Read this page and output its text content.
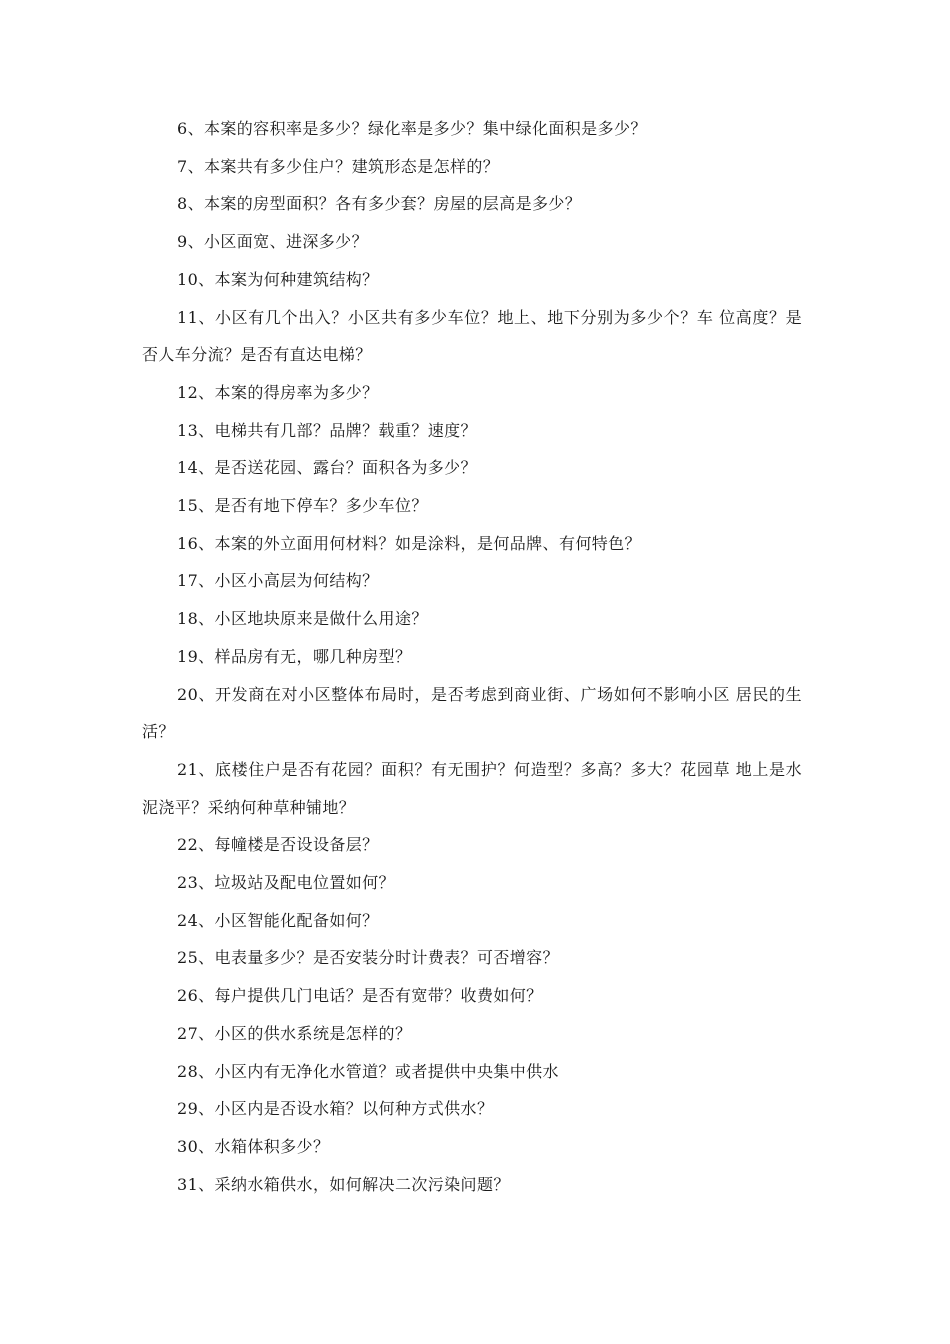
6、本案的容积率是多少？绿化率是多少？集中绿化面积是多少？

7、本案共有多少住户？建筑形态是怎样的？

8、本案的房型面积？各有多少套？房屋的层高是多少？

9、小区面宽、进深多少？

10、本案为何种建筑结构？

11、小区有几个出入？小区共有多少车位？地上、地下分别为多少个？车 位高度？是否人车分流？是否有直达电梯？

12、本案的得房率为多少？

13、电梯共有几部？品牌？载重？速度？

14、是否送花园、露台？面积各为多少？

15、是否有地下停车？多少车位？

16、本案的外立面用何材料？如是涂料，是何品牌、有何特色？

17、小区小高层为何结构？

18、小区地块原来是做什么用途？

19、样品房有无，哪几种房型？

20、开发商在对小区整体布局时，是否考虑到商业街、广场如何不影响小区 居民的生活？

21、底楼住户是否有花园？面积？有无围护？何造型？多高？多大？花园草 地上是水泥浇平？采纳何种草种铺地？

22、每幢楼是否设设备层？

23、垃圾站及配电位置如何？

24、小区智能化配备如何？

25、电表量多少？是否安装分时计费表？可否增容？

26、每户提供几门电话？是否有宽带？收费如何？

27、小区的供水系统是怎样的？

28、小区内有无净化水管道？或者提供中央集中供水

29、小区内是否设水箱？以何种方式供水？

30、水箱体积多少？

31、采纳水箱供水，如何解决二次污染问题？
